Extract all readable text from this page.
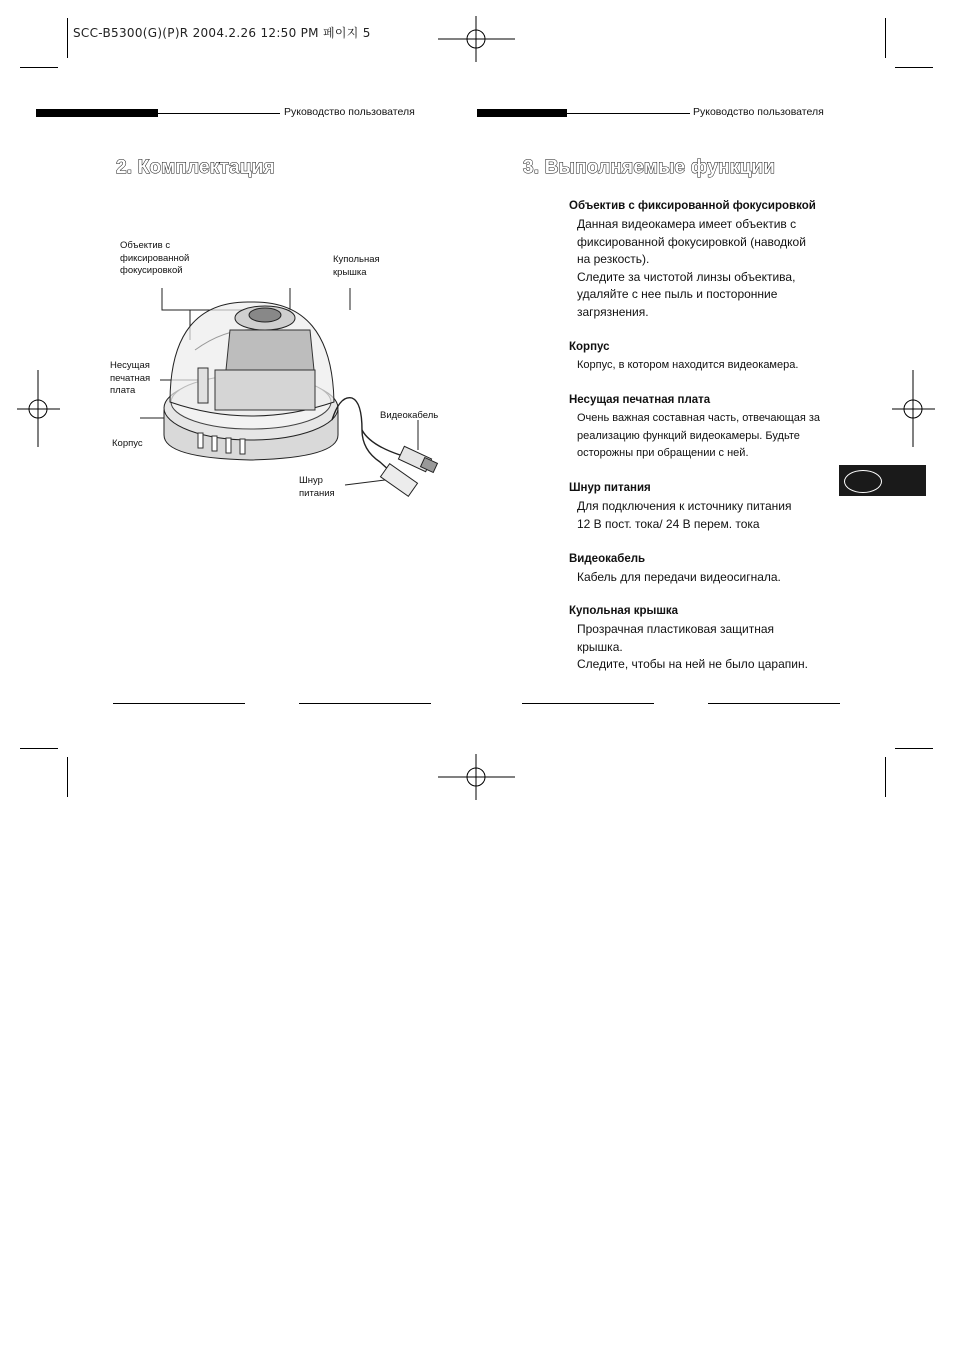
SCC-B5300(G)(P)R 2004.2.26 12:50 PM 페이지 5
Руководство пользователя	Руководство пользователя
2. Комплектация	3. Выполняемые функции
Объектив с
фиксированной
фокусировкой
Купольная
крышка
Несущая
печатная
плата
Видеокабель
Корпус
Шнур
питания

Объектив с фиксированной фокусировкой

Данная видеокамера имеет объектив с
фиксированной фокусировкой (наводкой
на резкость).
Следите за чистотой линзы объектива,
удаляйте с нее пыль и посторонние
загрязнения.

Корпус

Корпус, в котором находится видеокамера.

Несущая печатная плата

Очень важная составная часть, отвечающая за
реализацию функций видеокамеры. Будьте
осторожны при обращении с ней.

Шнур питания

Для подключения к источнику питания
12 В пост. тока/ 24 В перем. тока

Видеокабель

Кабель для передачи видеосигнала.

Купольная крышка

Прозрачная пластиковая защитная
крышка.
Следите, чтобы на ней не было царапин.
